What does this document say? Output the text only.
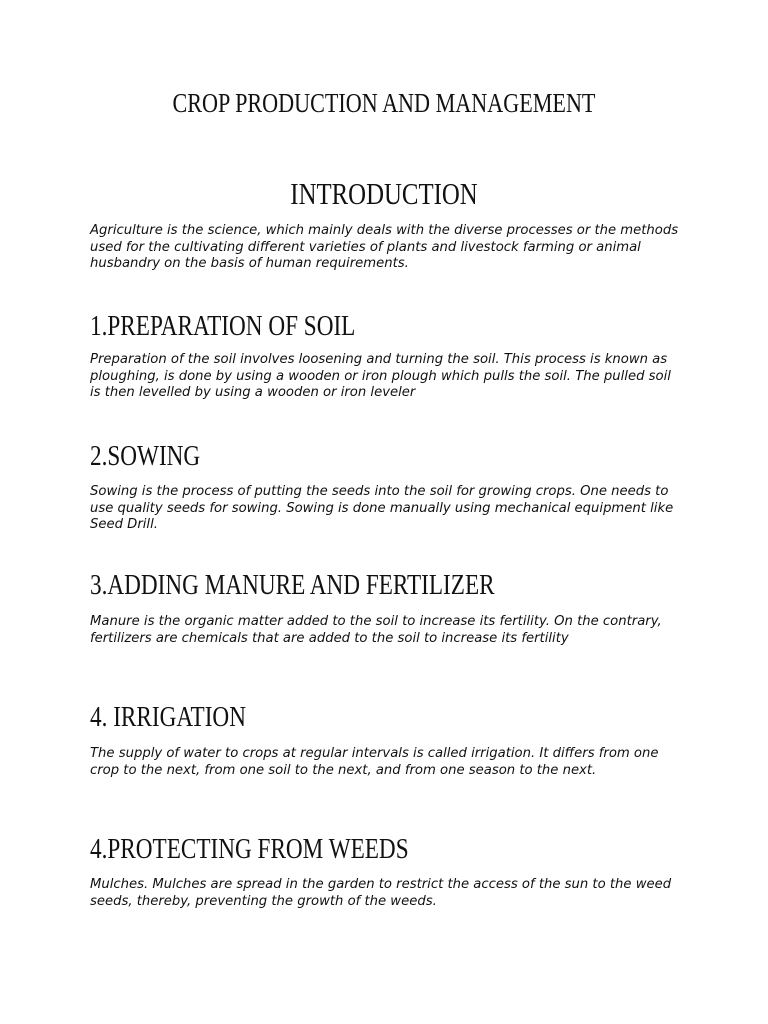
CROP PRODUCTION AND MANAGEMENT
INTRODUCTION

Agriculture is the science, which mainly deals with the diverse processes or the methods used for the cultivating different varieties of plants and livestock farming or animal husbandry on the basis of human requirements.

1.PREPARATION OF SOIL

Preparation of the soil involves loosening and turning the soil. This process is known as ploughing, is done by using a wooden or iron plough which pulls the soil. The pulled soil is then levelled by using a wooden or iron leveler

2.SOWING

Sowing is the process of putting the seeds into the soil for growing crops. One needs to use quality seeds for sowing. Sowing is done manually using mechanical equipment like Seed Drill.

3.ADDING MANURE AND FERTILIZER

Manure is the organic matter added to the soil to increase its fertility. On the contrary, fertilizers are chemicals that are added to the soil to increase its fertility

4. IRRIGATION

The supply of water to crops at regular intervals is called irrigation. It differs from one crop to the next, from one soil to the next, and from one season to the next.

4.PROTECTING FROM WEEDS

Mulches. Mulches are spread in the garden to restrict the access of the sun to the weed seeds, thereby, preventing the growth of the weeds.
